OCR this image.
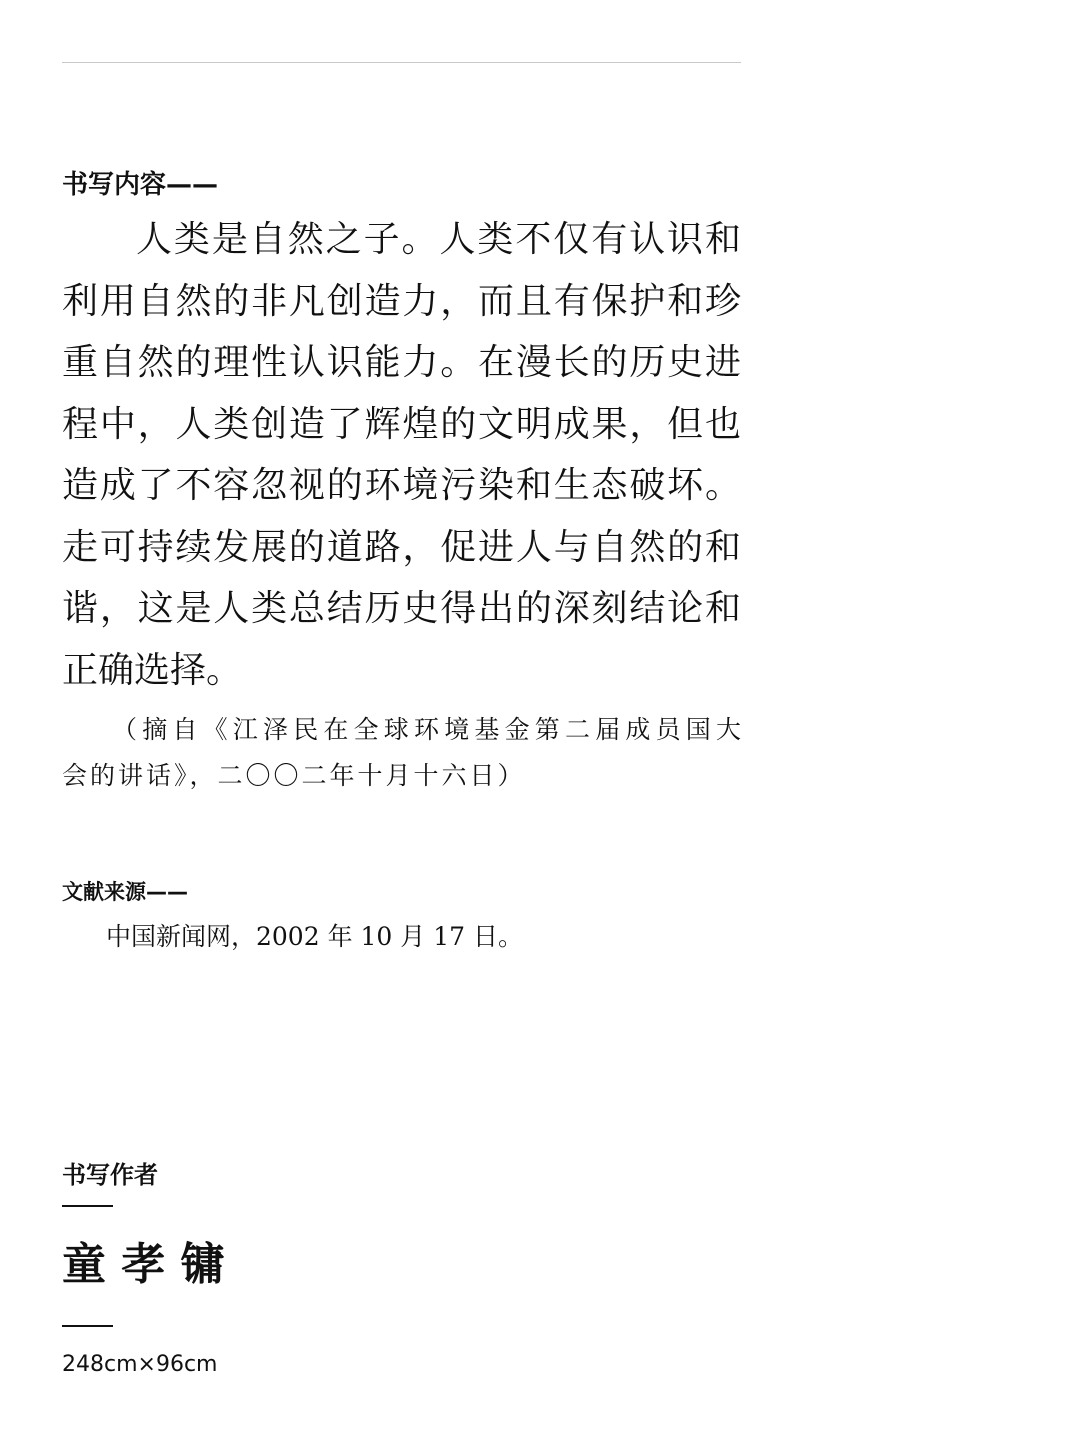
书写内容——
人类是自然之子。人类不仅有认识和
利用自然的非凡创造力，而且有保护和珍
重自然的理性认识能力。在漫长的历史进
程中，人类创造了辉煌的文明成果，但也
造成了不容忽视的环境污染和生态破坏。
走可持续发展的道路，促进人与自然的和
谐，这是人类总结历史得出的深刻结论和
正确选择。
（摘自《江泽民在全球环境基金第二届成员国大
会的讲话》，二〇〇二年十月十六日）
文献来源——
中国新闻网，2002 年 10 月 17 日。
书写作者
童 孝 镛
248cm×96cm
